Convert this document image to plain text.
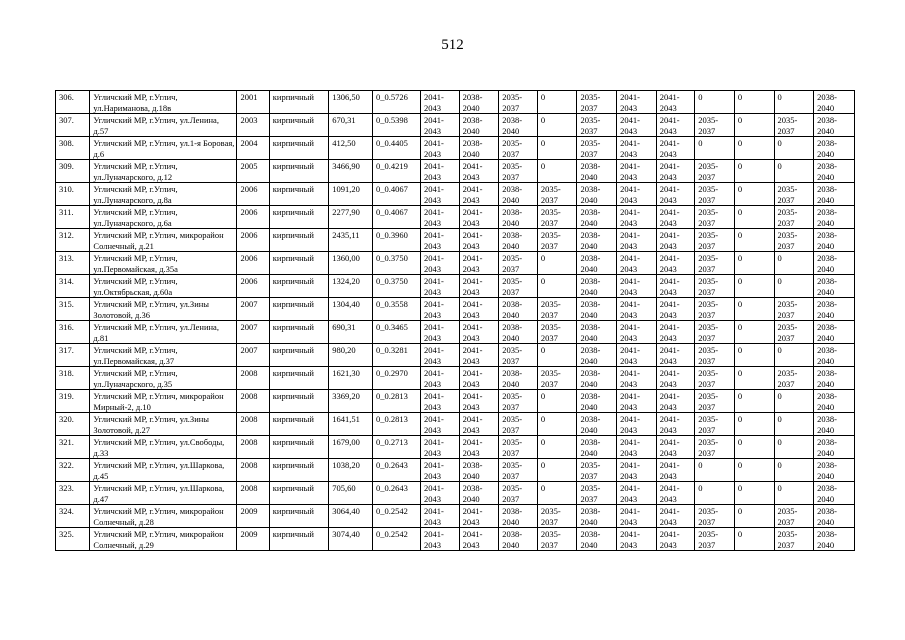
512
306.	Угличский МР, г.Углич, ул.Нариманова, д.18в	2001	кирпичный	1306,50	0_0.5726	2041-2043	2038-2040	2035-2037	0	2035-2037	2041-2043	2041-2043	0	0	0	2038-2040
307.	Угличский МР, г.Углич, ул.Ленина, д.57	2003	кирпичный	670,31	0_0.5398	2041-2043	2038-2040	2038-2040	0	2035-2037	2041-2043	2041-2043	2035-2037	0	2035-2037	2038-2040
308.	Угличский МР, г.Углич, ул.1-я Боровая, д.6	2004	кирпичный	412,50	0_0.4405	2041-2043	2038-2040	2035-2037	0	2035-2037	2041-2043	2041-2043	0	0	0	2038-2040
309.	Угличский МР, г.Углич, ул.Луначарского, д.12	2005	кирпичный	3466,90	0_0.4219	2041-2043	2041-2043	2035-2037	0	2038-2040	2041-2043	2041-2043	2035-2037	0	0	2038-2040
310.	Угличский МР, г.Углич, ул.Луначарского, д.8а	2006	кирпичный	1091,20	0_0.4067	2041-2043	2041-2043	2038-2040	2035-2037	2038-2040	2041-2043	2041-2043	2035-2037	0	2035-2037	2038-2040
311.	Угличский МР, г.Углич, ул.Луначарского, д.6а	2006	кирпичный	2277,90	0_0.4067	2041-2043	2041-2043	2038-2040	2035-2037	2038-2040	2041-2043	2041-2043	2035-2037	0	2035-2037	2038-2040
312.	Угличский МР, г.Углич, микрорайон Солнечный, д.21	2006	кирпичный	2435,11	0_0.3960	2041-2043	2041-2043	2038-2040	2035-2037	2038-2040	2041-2043	2041-2043	2035-2037	0	2035-2037	2038-2040
313.	Угличский МР, г.Углич, ул.Первомайская, д.35а	2006	кирпичный	1360,00	0_0.3750	2041-2043	2041-2043	2035-2037	0	2038-2040	2041-2043	2041-2043	2035-2037	0	0	2038-2040
314.	Угличский МР, г.Углич, ул.Октябрьская, д.60а	2006	кирпичный	1324,20	0_0.3750	2041-2043	2041-2043	2035-2037	0	2038-2040	2041-2043	2041-2043	2035-2037	0	0	2038-2040
315.	Угличский МР, г.Углич, ул.Зины Золотовой, д.36	2007	кирпичный	1304,40	0_0.3558	2041-2043	2041-2043	2038-2040	2035-2037	2038-2040	2041-2043	2041-2043	2035-2037	0	2035-2037	2038-2040
316.	Угличский МР, г.Углич, ул.Ленина, д.81	2007	кирпичный	690,31	0_0.3465	2041-2043	2041-2043	2038-2040	2035-2037	2038-2040	2041-2043	2041-2043	2035-2037	0	2035-2037	2038-2040
317.	Угличский МР, г.Углич, ул.Первомайская, д.37	2007	кирпичный	980,20	0_0.3281	2041-2043	2041-2043	2035-2037	0	2038-2040	2041-2043	2041-2043	2035-2037	0	0	2038-2040
318.	Угличский МР, г.Углич, ул.Луначарского, д.35	2008	кирпичный	1621,30	0_0.2970	2041-2043	2041-2043	2038-2040	2035-2037	2038-2040	2041-2043	2041-2043	2035-2037	0	2035-2037	2038-2040
319.	Угличский МР, г.Углич, микрорайон Мирный-2, д.10	2008	кирпичный	3369,20	0_0.2813	2041-2043	2041-2043	2035-2037	0	2038-2040	2041-2043	2041-2043	2035-2037	0	0	2038-2040
320.	Угличский МР, г.Углич, ул.Зины Золотовой, д.27	2008	кирпичный	1641,51	0_0.2813	2041-2043	2041-2043	2035-2037	0	2038-2040	2041-2043	2041-2043	2035-2037	0	0	2038-2040
321.	Угличский МР, г.Углич, ул.Свободы, д.33	2008	кирпичный	1679,00	0_0.2713	2041-2043	2041-2043	2035-2037	0	2038-2040	2041-2043	2041-2043	2035-2037	0	0	2038-2040
322.	Угличский МР, г.Углич, ул.Шаркова, д.45	2008	кирпичный	1038,20	0_0.2643	2041-2043	2038-2040	2035-2037	0	2035-2037	2041-2043	2041-2043	0	0	0	2038-2040
323.	Угличский МР, г.Углич, ул.Шаркова, д.47	2008	кирпичный	705,60	0_0.2643	2041-2043	2038-2040	2035-2037	0	2035-2037	2041-2043	2041-2043	0	0	0	2038-2040
324.	Угличский МР, г.Углич, микрорайон Солнечный, д.28	2009	кирпичный	3064,40	0_0.2542	2041-2043	2041-2043	2038-2040	2035-2037	2038-2040	2041-2043	2041-2043	2035-2037	0	2035-2037	2038-2040
325.	Угличский МР, г.Углич, микрорайон Солнечный, д.29	2009	кирпичный	3074,40	0_0.2542	2041-2043	2041-2043	2038-2040	2035-2037	2038-2040	2041-2043	2041-2043	2035-2037	0	2035-2037	2038-2040
